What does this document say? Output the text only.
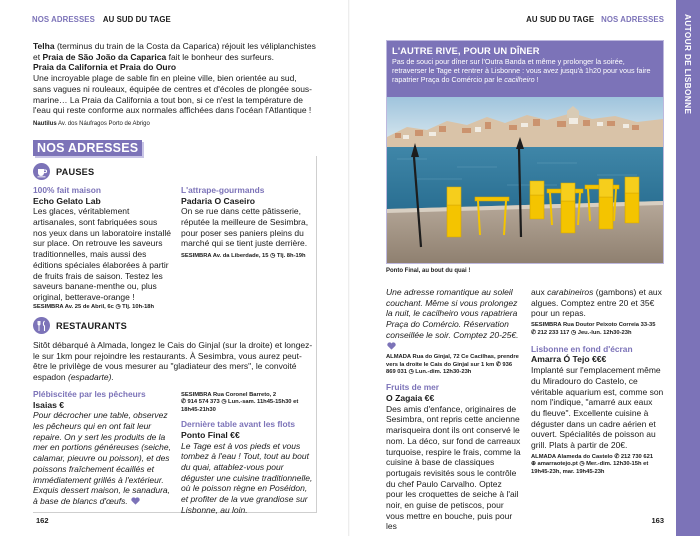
NOS ADRESSES AU SUD DU TAGE

Telha (terminus du train de la Costa da Caparica) réjouit les véliplanchistes et Praia de São João da Caparica fait le bonheur des surfeurs.

Praia da California et Praia do Ouro

Une incroyable plage de sable fin en pleine ville, bien orientée au sud, sans vagues ni rouleaux, équipée de centres et d'écoles de plongée sous-marine… La Praia da California a tout bon, si ce n'est la température de l'eau qui reste conforme aux normales affichées dans l'océan l'Atlantique !

Nautilus Av. dos Náufragos Porto de Abrigo

NOS ADRESSES
PAUSES
100% fait maison
Echo Gelato Lab

Les glaces, véritablement artisanales, sont fabriquées sous nos yeux dans un laboratoire installé sur place. On retrouve les saveurs traditionnelles, mais aussi des éditions spéciales élaborées à partir de fruits frais de saison. Testez les saveurs banane-menthe ou, plus original, betterave-orange !

SESIMBRA Av. 25 de Abril, 6c ◷ Tlj. 10h-18h

L'attrape-gourmands
Padaria O Caseiro

On se rue dans cette pâtisserie, réputée la meilleure de Sesimbra, pour poser ses paniers pleins du marché qui se tient juste derrière.

SESIMBRA Av. da Liberdade, 15 ◷ Tlj. 8h-19h

RESTAURANTS

Sitôt débarqué à Almada, longez le Cais do Ginjal (sur la droite) et longez-le sur 1km pour rejoindre les restaurants. À Sesimbra, vous aurez peut-être le privilège de vous mesurer au "gladiateur des mers", le convoité espadon (espadarte).

Plébiscitée par les pêcheurs
Isaias €

Pour décrocher une table, observez les pêcheurs qui en ont fait leur repaire. On y sert les produits de la mer en portions généreuses (seiche, calamar, pieuvre ou poisson), et des poissons fraîchement écaillés et immédiatement grillés à l'extérieur. Exquis dessert maison, le sanadura, à base de blancs d'œufs.

SESIMBRA Rua Coronel Barreto, 2
✆ 914 574 373 ◷ Lun.-sam. 11h45-15h30 et 18h45-21h30

Dernière table avant les flots
Ponto Final €€

Le Tage est à vos pieds et vous tombez à l'eau ! Tout, tout au bout du quai, attablez-vous pour déguster une cuisine traditionnelle, où le poisson règne en Poséidon, et profiter de la vue grandiose sur Lisbonne, au loin.

162
AU SUD DU TAGE NOS ADRESSES AUTOUR DE LISBONNE
163
L'AUTRE RIVE, POUR UN DÎNER

Pas de souci pour dîner sur l'Outra Banda et même y prolonger la soirée, retraverser le Tage et rentrer à Lisbonne : vous avez jusqu'à 1h20 pour vous faire rapatrier Praça do Comércio par le cacilheiro !

Ponto Final, au bout du quai !

Une adresse romantique au soleil couchant. Même si vous prolongez la nuit, le cacilheiro vous rapatriera Praça do Comércio. Réservation conseillée le soir. Comptez 20-25€.

ALMADA Rua do Ginjal, 72 Ce Cacilhas, prendre vers la droite le Cais do Ginjal sur 1 km ✆ 936 869 031 ◷ Lun.-dim. 12h30-23h

Fruits de mer
O Zagaia €€

Des amis d'enfance, originaires de Sesimbra, ont repris cette ancienne marisqueira dont ils ont conservé le nom. La déco, sur fond de carreaux turquoise, respire le frais, comme la cuisine à base de classiques portugais revisités sous le contrôle du chef Paulo Carvalho. Optez pour les croquettes de seiche à l'ail noir, en guise de petiscos, pour vous mettre en bouche, puis pour les

aux carabineiros (gambons) et aux algues. Comptez entre 20 et 35€ pour un repas.

SESIMBRA Rua Doutor Peixoto Correia 33-35
✆ 212 233 117 ◷ Jeu.-lun. 12h30-23h

Lisbonne en fond d'écran
Amarra Ó Tejo €€€

Implanté sur l'emplacement même du Miradouro do Castelo, ce véritable aquarium est, comme son nom l'indique, "amarré aux eaux du fleuve". Excellente cuisine à déguster dans un cadre aérien et ouvert. Spécialités de poisson au grill. Plats à partir de 20€.

ALMADA Alameda do Castelo ✆ 212 730 621
⊕ amarraotejo.pt ◷ Mer.-dim. 12h30-15h et 19h45-23h, mar. 19h45-23h
